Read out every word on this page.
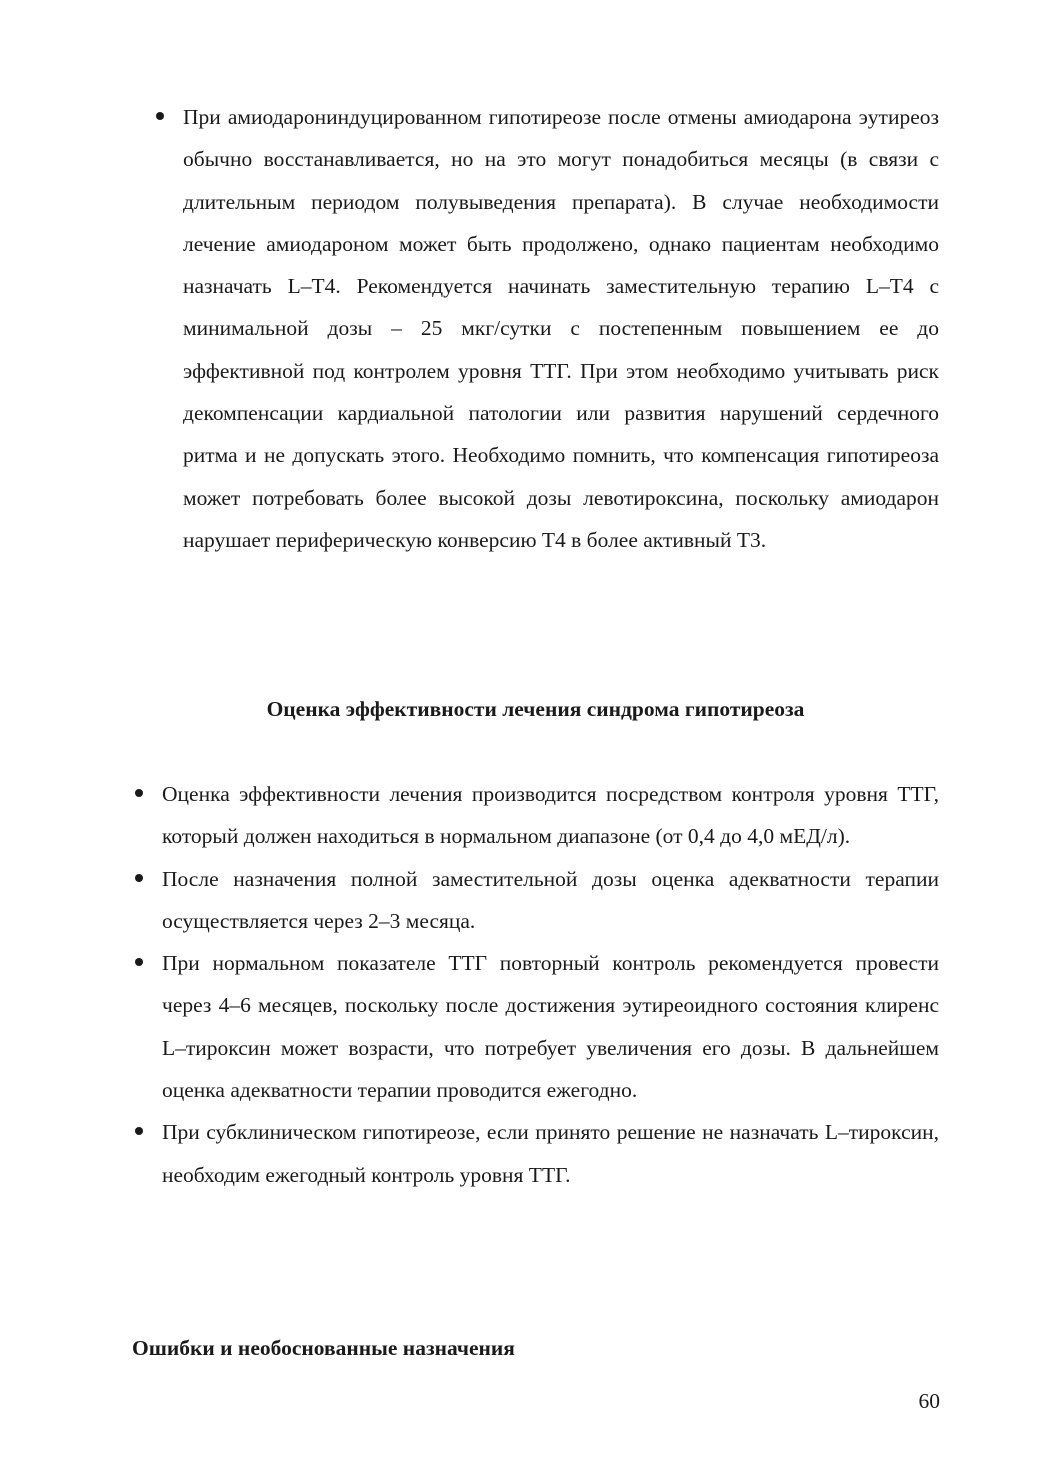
При амиодарониндуцированном гипотиреозе после отмены амиодарона эутиреоз обычно восстанавливается, но на это могут понадобиться месяцы (в связи с длительным периодом полувыведения препарата). В случае необходимости лечение амиодароном может быть продолжено, однако пациентам необходимо назначать L–T4. Рекомендуется начинать заместительную терапию L–T4 с минимальной дозы – 25 мкг/сутки с постепенным повышением ее до эффективной под контролем уровня ТТГ. При этом необходимо учитывать риск декомпенсации кардиальной патологии или развития нарушений сердечного ритма и не допускать этого. Необходимо помнить, что компенсация гипотиреоза может потребовать более высокой дозы левотироксина, поскольку амиодарон нарушает периферическую конверсию Т4 в более активный Т3.
Оценка эффективности лечения синдрома гипотиреоза
Оценка эффективности лечения производится посредством контроля уровня ТТГ, который должен находиться в нормальном диапазоне (от 0,4 до 4,0 мЕД/л).
После назначения полной заместительной дозы оценка адекватности терапии осуществляется через 2–3 месяца.
При нормальном показателе ТТГ повторный контроль рекомендуется провести через 4–6 месяцев, поскольку после достижения эутиреоидного состояния клиренс L–тироксин может возрасти, что потребует увеличения его дозы. В дальнейшем оценка адекватности терапии проводится ежегодно.
При субклиническом гипотиреозе, если принято решение не назначать L–тироксин, необходим ежегодный контроль уровня ТТГ.
Ошибки и необоснованные назначения
60
